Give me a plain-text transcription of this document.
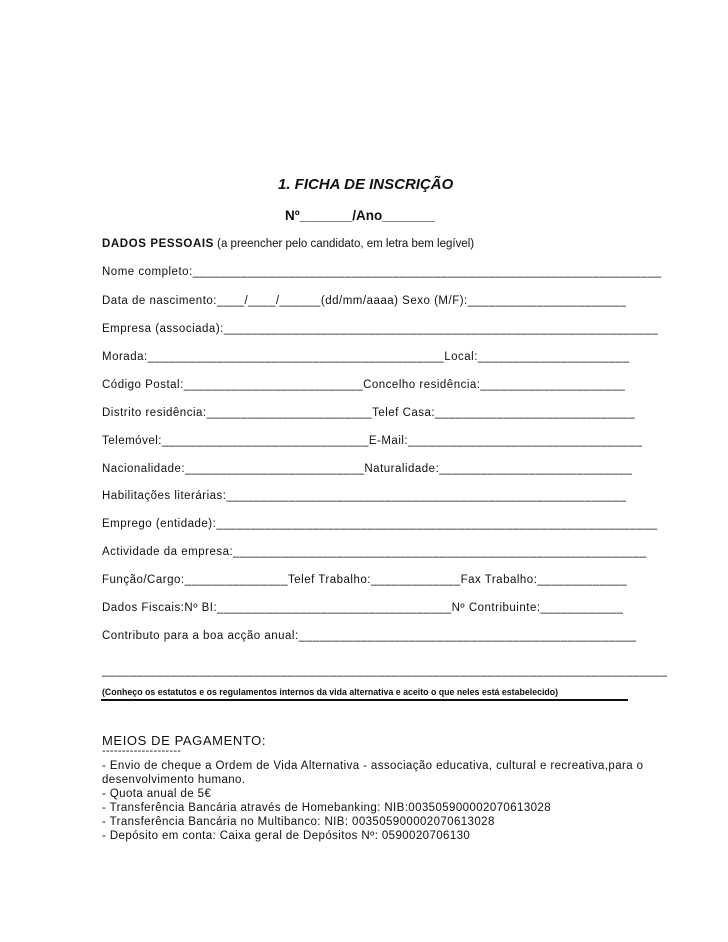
1. FICHA DE INSCRIÇÃO
Nº_______/Ano_______
DADOS PESSOAIS (a preencher pelo candidato, em letra bem legível)
Nome completo:____________________________________________________________________
Data de nascimento:____/____/______(dd/mm/aaaa) Sexo (M/F):_______________________
Empresa (associada):_______________________________________________________________
Morada:___________________________________________Local:______________________
Código Postal:__________________________Concelho residência:_____________________
Distrito residência:________________________Telef Casa:_____________________________
Telemóvel:______________________________E-Mail:__________________________________
Nacionalidade:__________________________Naturalidade:____________________________
Habilitações literárias:__________________________________________________________
Emprego (entidade):________________________________________________________________
Actividade da empresa:____________________________________________________________
Função/Cargo:_______________Telef Trabalho:_____________Fax Trabalho:_____________
Dados Fiscais:Nº BI:__________________________________Nº Contribuinte:____________
Contributo para a boa acção anual:_________________________________________________
__________________________________________________________________________________
(Conheço os estatutos e os regulamentos internos da vida alternativa e aceito o que neles está estabelecido)
MEIOS DE PAGAMENTO:
--------------------
- Envio de cheque a Ordem de Vida Alternativa - associação educativa, cultural e recreativa,para o
desenvolvimento humano.
- Quota anual de 5€
- Transferência Bancária através de Homebanking: NIB:003505900002070613028
- Transferência Bancária no Multibanco: NIB: 003505900002070613028
- Depósito em conta: Caixa geral de Depósitos Nº: 0590020706130
